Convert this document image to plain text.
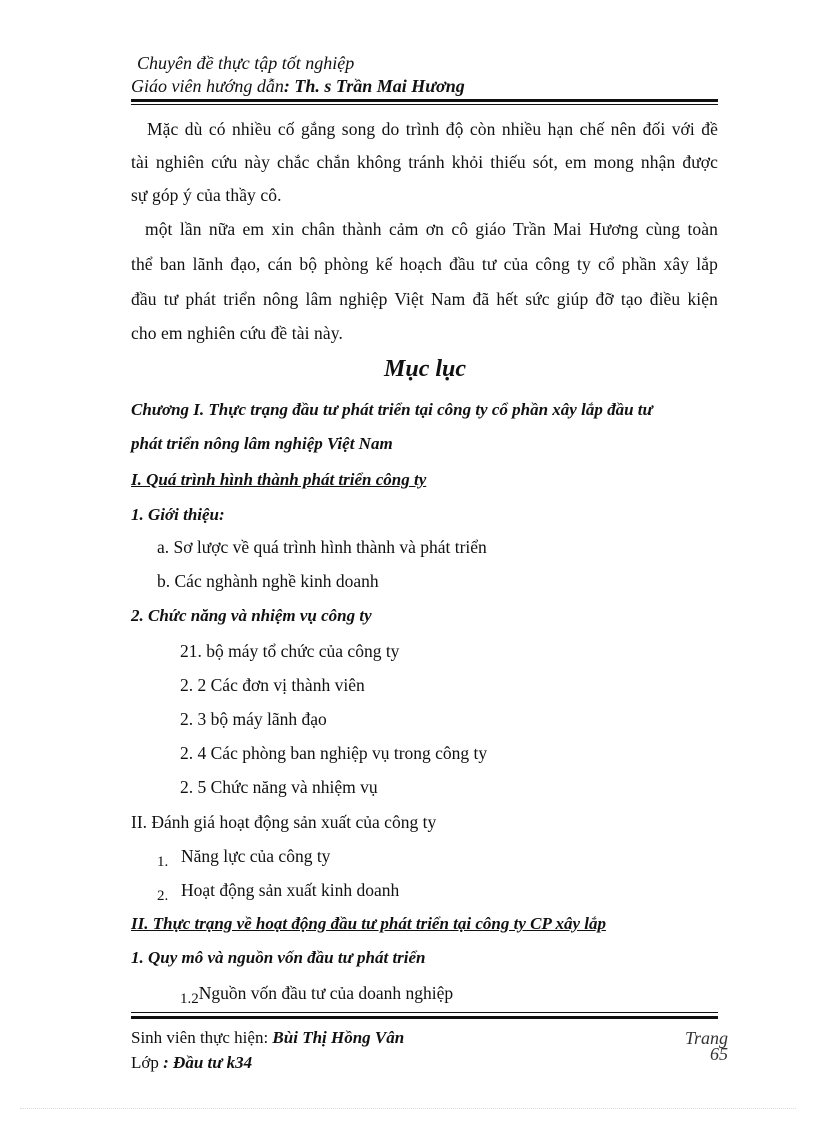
Chuyên đề thực tập tốt nghiệp
Giáo viên hướng dẫn: Th. s Trần Mai Hương
Mặc dù có nhiều cố gắng song do trình độ còn nhiều hạn chế nên đối với đề
tài nghiên cứu này chắc chắn không tránh khỏi thiếu sót, em mong nhận được
sự góp ý của thầy cô.
một lần nữa em xin chân thành cảm ơn cô giáo Trần Mai Hương cùng toàn
thể ban lãnh đạo, cán bộ phòng kế hoạch đầu tư của công ty cổ phần xây lắp
đầu tư phát triển nông lâm nghiệp Việt Nam đã hết sức giúp đỡ tạo điều kiện
cho em nghiên cứu đề tài này.
Mục lục
Chương I. Thực trạng đầu tư phát triển tại công ty cổ phần xây lắp đầu tư
phát triển nông lâm nghiệp Việt Nam
I. Quá trình hình thành phát triển công ty
1. Giới thiệu:
a. Sơ lược về quá trình hình thành và phát triển
b. Các nghành nghề kinh doanh
2. Chức năng và nhiệm vụ công ty
21. bộ máy tổ chức của công ty
2. 2 Các đơn vị thành viên
2. 3 bộ máy lãnh đạo
2. 4 Các phòng ban nghiệp vụ trong công ty
2. 5 Chức năng và nhiệm vụ
II. Đánh giá hoạt động sản xuất của công ty
1. Năng lực của công ty
2. Hoạt động sản xuất kinh doanh
II. Thực trạng về hoạt động đầu tư phát triển tại công ty CP xây lắp
1. Quy mô và nguồn vốn đầu tư phát triển
1.2Nguồn vốn đầu tư của doanh nghiệp
Sinh viên thực hiện: Bùi Thị Hồng Vân
Lớp : Đầu tư k34
Trang
65
